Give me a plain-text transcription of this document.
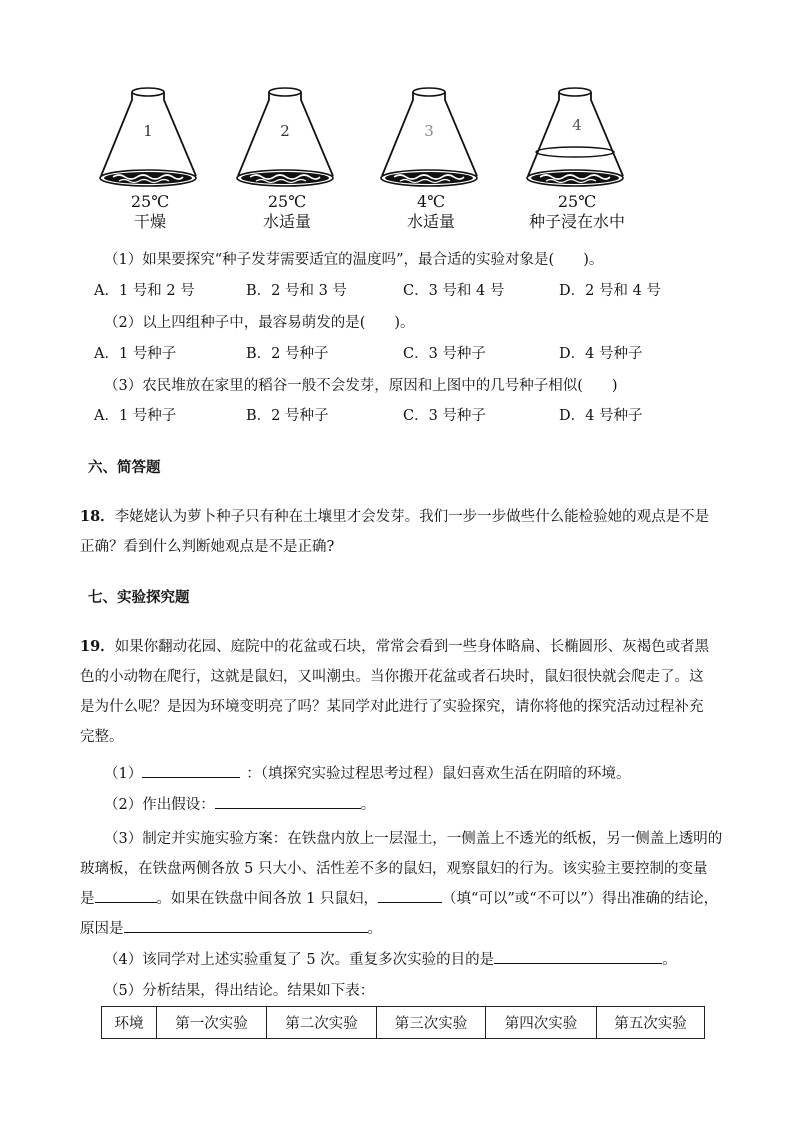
1	2	3	4
25℃
干燥
25℃
水适量
4℃
水适量
25℃
种子浸在水中
（1）如果要探究“种子发芽需要适宜的温度吗”，最合适的实验对象是(　　)。
A．1 号和 2 号	B．2 号和 3 号	C．3 号和 4 号	D．2 号和 4 号
（2）以上四组种子中，最容易萌发的是(　　)。
A．1 号种子	B．2 号种子	C．3 号种子	D．4 号种子
（3）农民堆放在家里的稻谷一般不会发芽，原因和上图中的几号种子相似(　　)
A．1 号种子	B．2 号种子	C．3 号种子	D．4 号种子
六、简答题
18．李姥姥认为萝卜种子只有种在土壤里才会发芽。我们一步一步做些什么能检验她的观点是不是
正确？看到什么判断她观点是不是正确?
七、实验探究题
19．如果你翻动花园、庭院中的花盆或石块，常常会看到一些身体略扁、长椭圆形、灰褐色或者黑
色的小动物在爬行，这就是鼠妇，又叫潮虫。当你搬开花盆或者石块时，鼠妇很快就会爬走了。这
是为什么呢？是因为环境变明亮了吗？某同学对此进行了实验探究，请你将他的探究活动过程补充
完整。
（1）	：（填探究实验过程思考过程）鼠妇喜欢生活在阴暗的环境。
（2）作出假设：	。
（3）制定并实施实验方案：在铁盘内放上一层湿土，一侧盖上不透光的纸板，另一侧盖上透明的
玻璃板，在铁盘两侧各放 5 只大小、活性差不多的鼠妇，观察鼠妇的行为。该实验主要控制的变量
是	。如果在铁盘中间各放 1 只鼠妇，	（填“可以”或“不可以”）得出准确的结论，
原因是	。
（4）该同学对上述实验重复了 5 次。重复多次实验的目的是	。
（5）分析结果，得出结论。结果如下表：
环境	第一次实验	第二次实验	第三次实验	第四次实验	第五次实验
